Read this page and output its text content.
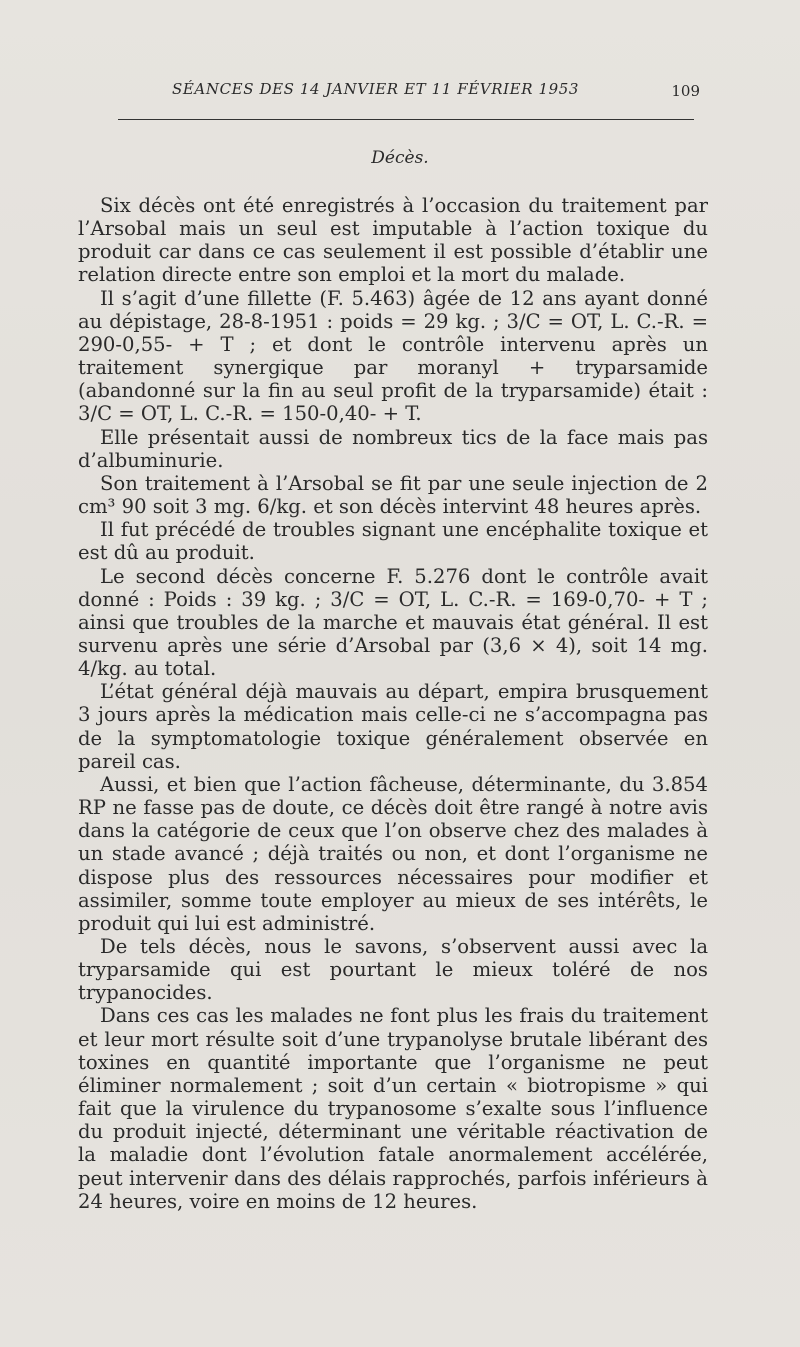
SÉANCES DES 14 JANVIER ET 11 FÉVRIER 1953	109
Décès.

Six décès ont été enregistrés à l’occasion du traitement par l’Arsobal mais un seul est imputable à l’action toxique du produit car dans ce cas seulement il est possible d’établir une relation directe entre son emploi et la mort du malade.

Il s’agit d’une fillette (F. 5.463) âgée de 12 ans ayant donné au dépistage, 28-8-1951 : poids = 29 kg. ; 3/C = OT, L. C.-R. = 290-0,55- + T ; et dont le contrôle intervenu après un traitement synergique par moranyl + tryparsamide (abandonné sur la fin au seul profit de la tryparsamide) était : 3/C = OT, L. C.-R. = 150-0,40- + T.

Elle présentait aussi de nombreux tics de la face mais pas d’albuminurie.

Son traitement à l’Arsobal se fit par une seule injection de 2 cm³ 90 soit 3 mg. 6/kg. et son décès intervint 48 heures après.

Il fut précédé de troubles signant une encéphalite toxique et est dû au produit.

Le second décès concerne F. 5.276 dont le contrôle avait donné : Poids : 39 kg. ; 3/C = OT, L. C.-R. = 169-0,70- + T ; ainsi que troubles de la marche et mauvais état général. Il est survenu après une série d’Arsobal par (3,6 × 4), soit 14 mg. 4/kg. au total.

L’état général déjà mauvais au départ, empira brusquement 3 jours après la médication mais celle-ci ne s’accompagna pas de la symptomatologie toxique généralement observée en pareil cas.

Aussi, et bien que l’action fâcheuse, déterminante, du 3.854 RP ne fasse pas de doute, ce décès doit être rangé à notre avis dans la catégorie de ceux que l’on observe chez des malades à un stade avancé ; déjà traités ou non, et dont l’organisme ne dispose plus des ressources nécessaires pour modifier et assimiler, somme toute employer au mieux de ses intérêts, le produit qui lui est administré.

De tels décès, nous le savons, s’observent aussi avec la tryparsamide qui est pourtant le mieux toléré de nos trypanocides.

Dans ces cas les malades ne font plus les frais du traitement et leur mort résulte soit d’une trypanolyse brutale libérant des toxines en quantité importante que l’organisme ne peut éliminer normalement ; soit d’un certain « biotropisme » qui fait que la virulence du trypanosome s’exalte sous l’influence du produit injecté, déterminant une véritable réactivation de la maladie dont l’évolution fatale anormalement accélérée, peut intervenir dans des délais rapprochés, parfois inférieurs à 24 heures, voire en moins de 12 heures.
